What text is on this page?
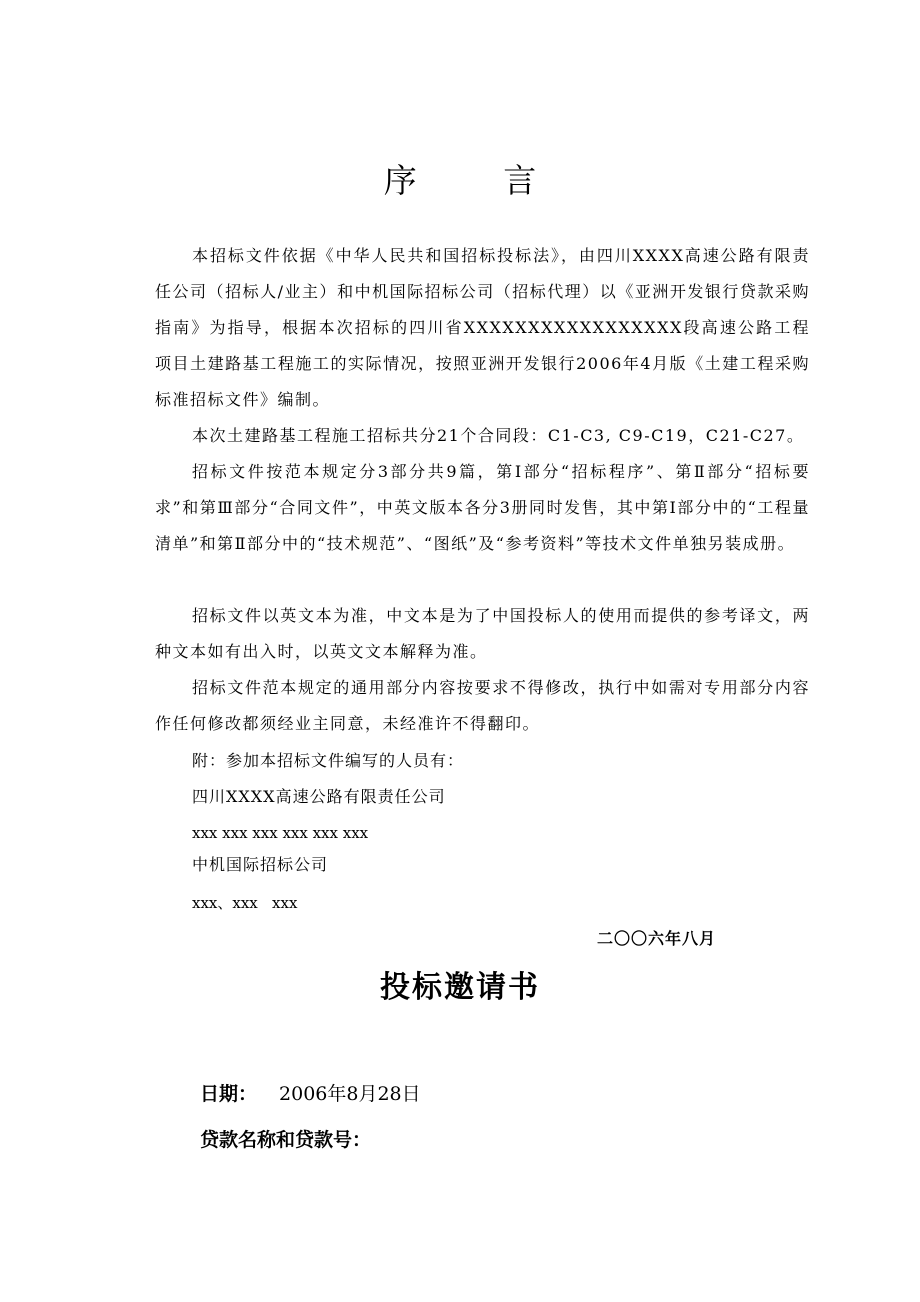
序 言

本招标文件依据《中华人民共和国招标投标法》，由四川XXXX高速公路有限责任公司（招标人/业主）和中机国际招标公司（招标代理）以《亚洲开发银行贷款采购指南》为指导，根据本次招标的四川省XXXXXXXXXXXXXXXXX段高速公路工程项目土建路基工程施工的实际情况，按照亚洲开发银行2006年4月版《土建工程采购标准招标文件》编制。

本次土建路基工程施工招标共分21个合同段：C1-C3, C9-C19，C21-C27。

招标文件按范本规定分3部分共9篇，第Ⅰ部分“招标程序”、第Ⅱ部分“招标要求”和第Ⅲ部分“合同文件”，中英文版本各分3册同时发售，其中第Ⅰ部分中的“工程量清单”和第Ⅱ部分中的“技术规范”、“图纸”及“参考资料”等技术文件单独另装成册。

招标文件以英文本为准，中文本是为了中国投标人的使用而提供的参考译文，两种文本如有出入时，以英文文本解释为准。

招标文件范本规定的通用部分内容按要求不得修改，执行中如需对专用部分内容作任何修改都须经业主同意，未经准许不得翻印。

附：参加本招标文件编写的人员有：
四川XXXX高速公路有限责任公司
xxx xxx xxx xxx xxx xxx
中机国际招标公司
xxx、xxx   xxx
二〇〇六年八月
投标邀请书
日期： 2006年8月28日
贷款名称和贷款号：
